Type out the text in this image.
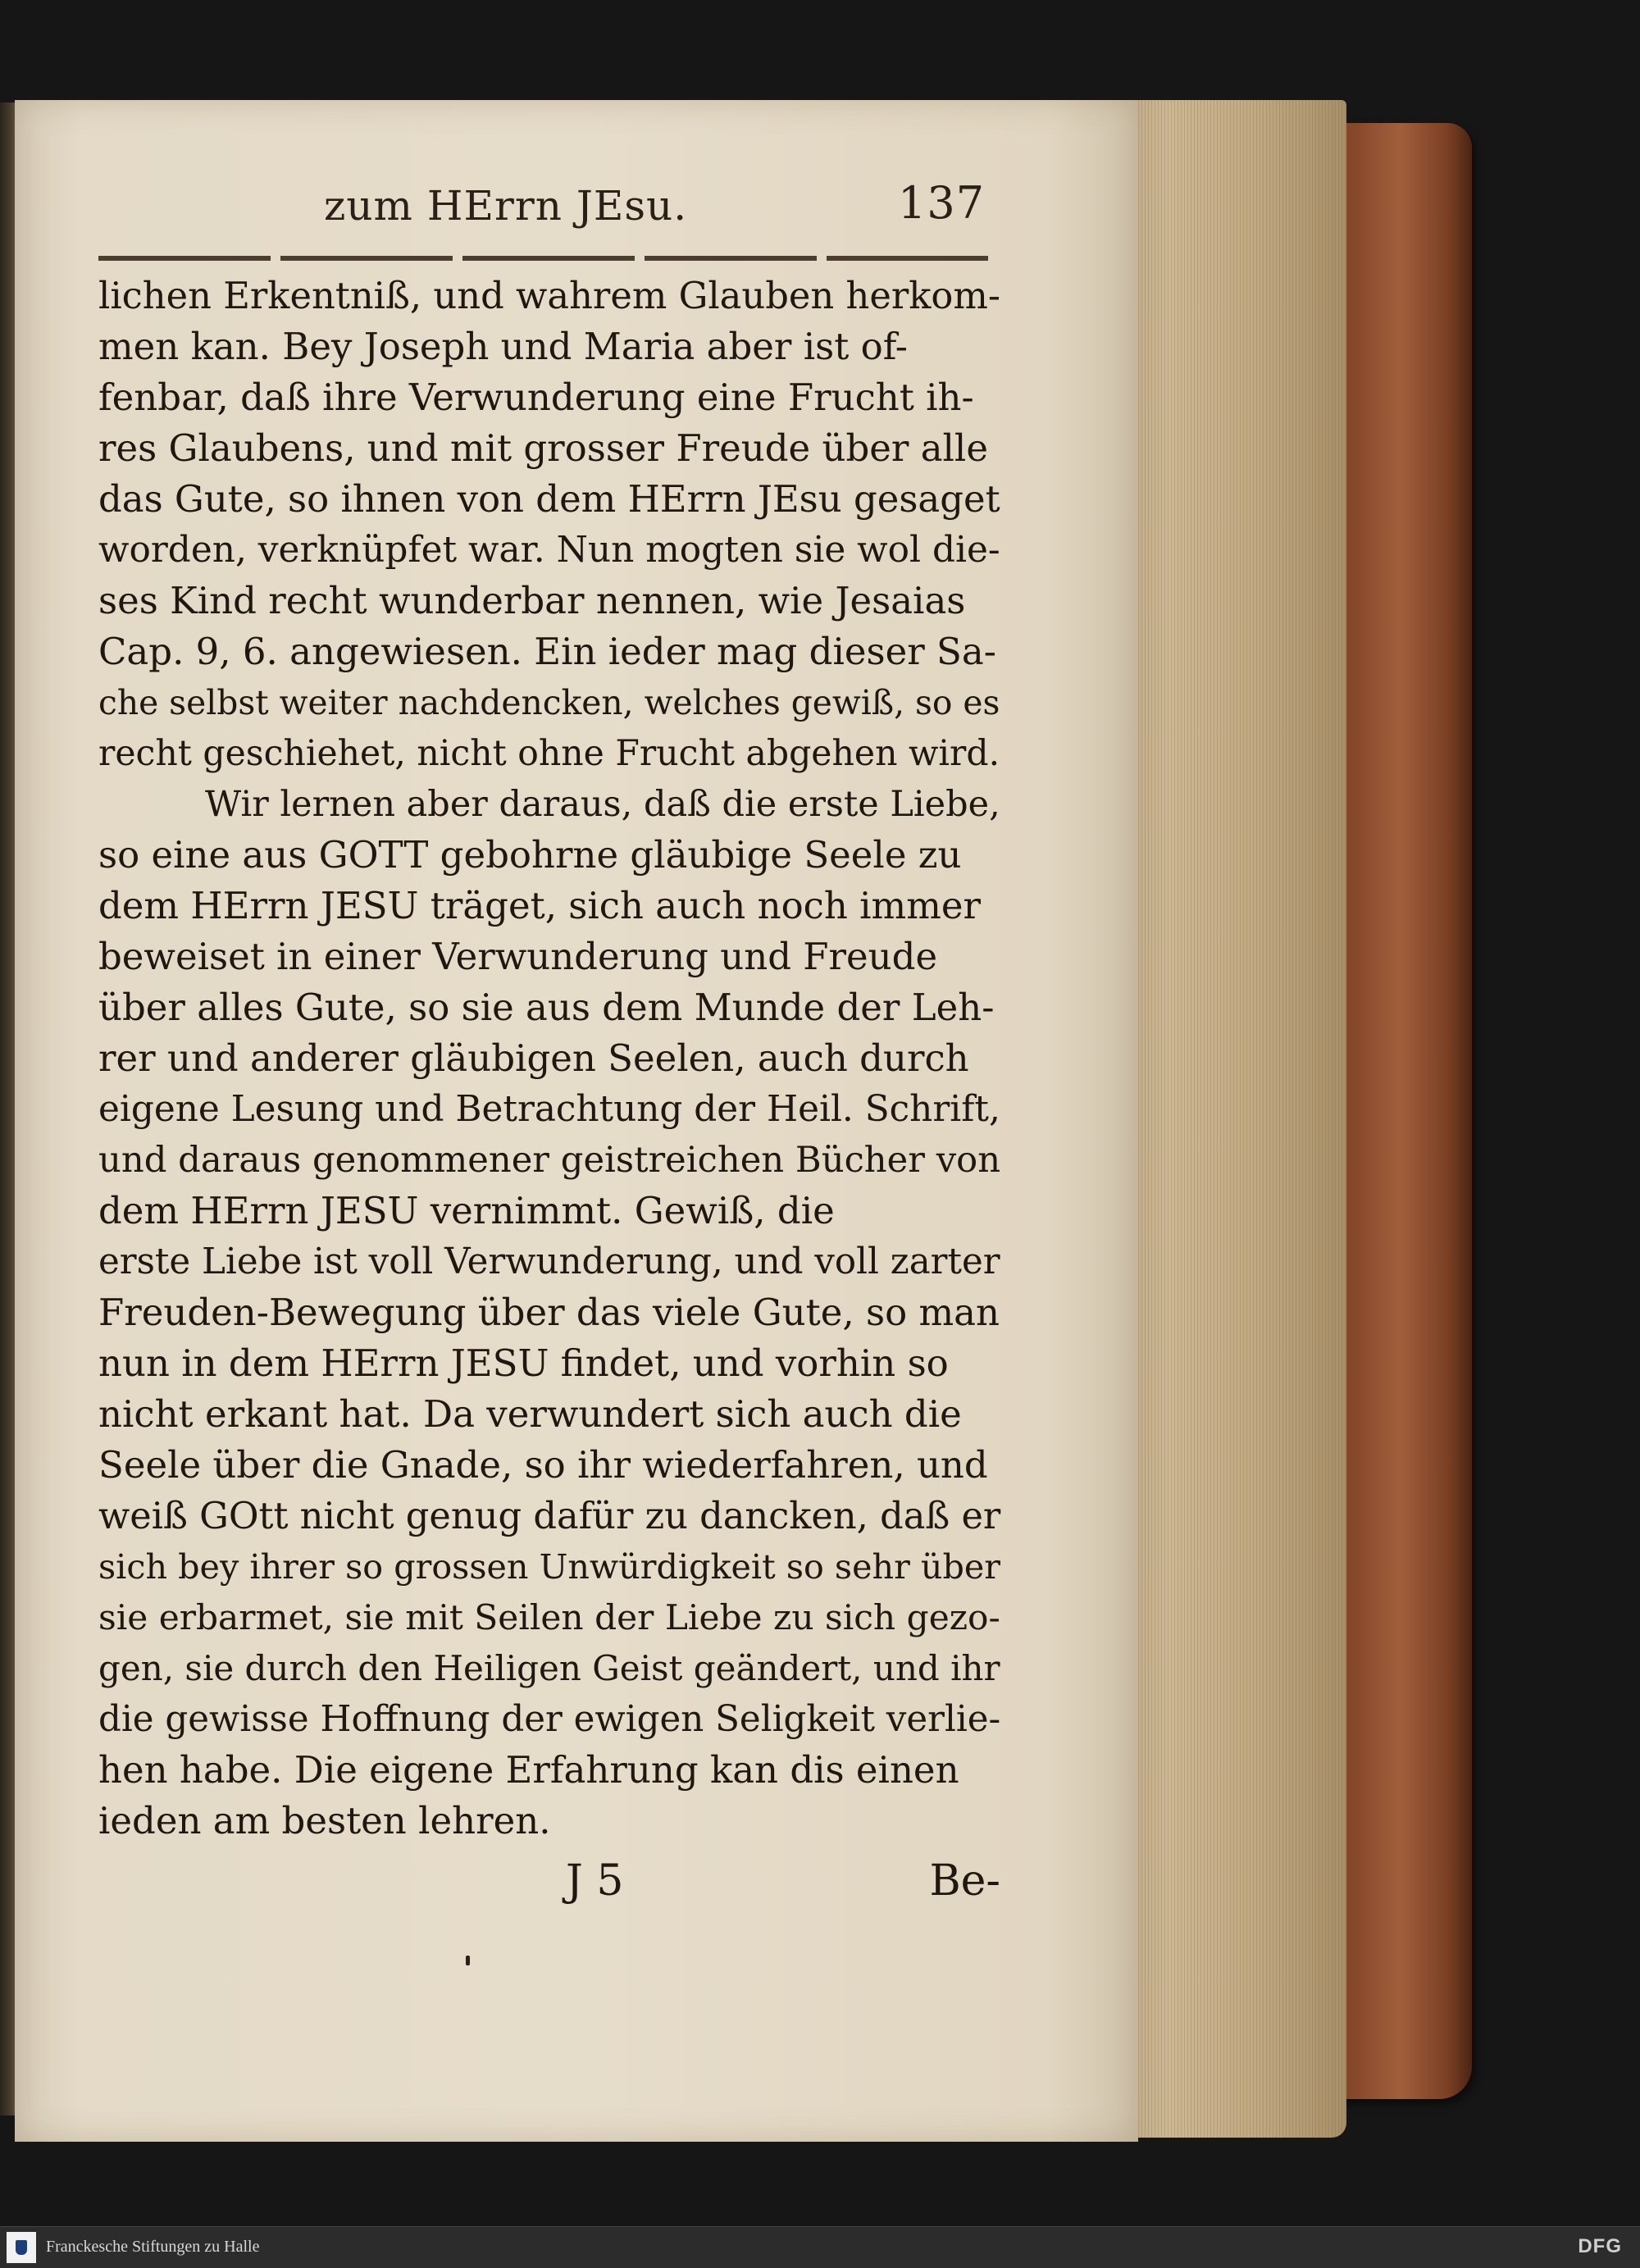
zum HErrn JEsu.	137
lichen Erkentniß, und wahrem Glauben herkom-
men kan. Bey Joseph und Maria aber ist of-
fenbar, daß ihre Verwunderung eine Frucht ih-
res Glaubens, und mit grosser Freude über alle
das Gute, so ihnen von dem HErrn JEsu gesaget
worden, verknüpfet war. Nun mogten sie wol die-
ses Kind recht wunderbar nennen, wie Jesaias
Cap. 9, 6. angewiesen. Ein ieder mag dieser Sa-
che selbst weiter nachdencken, welches gewiß, so es
recht geschiehet, nicht ohne Frucht abgehen wird.
Wir lernen aber daraus, daß die erste Liebe,
so eine aus GOTT gebohrne gläubige Seele zu
dem HErrn JESU träget, sich auch noch immer
beweiset in einer Verwunderung und Freude
über alles Gute, so sie aus dem Munde der Leh-
rer und anderer gläubigen Seelen, auch durch
eigene Lesung und Betrachtung der Heil. Schrift,
und daraus genommener geistreichen Bücher von
dem HErrn JESU vernimmt. Gewiß, die
erste Liebe ist voll Verwunderung, und voll zarter
Freuden-Bewegung über das viele Gute, so man
nun in dem HErrn JESU findet, und vorhin so
nicht erkant hat. Da verwundert sich auch die
Seele über die Gnade, so ihr wiederfahren, und
weiß GOtt nicht genug dafür zu dancken, daß er
sich bey ihrer so grossen Unwürdigkeit so sehr über
sie erbarmet, sie mit Seilen der Liebe zu sich gezo-
gen, sie durch den Heiligen Geist geändert, und ihr
die gewisse Hoffnung der ewigen Seligkeit verlie-
hen habe. Die eigene Erfahrung kan dis einen
ieden am besten lehren.
J 5	Be-
Franckesche Stiftungen zu Halle	DFG
